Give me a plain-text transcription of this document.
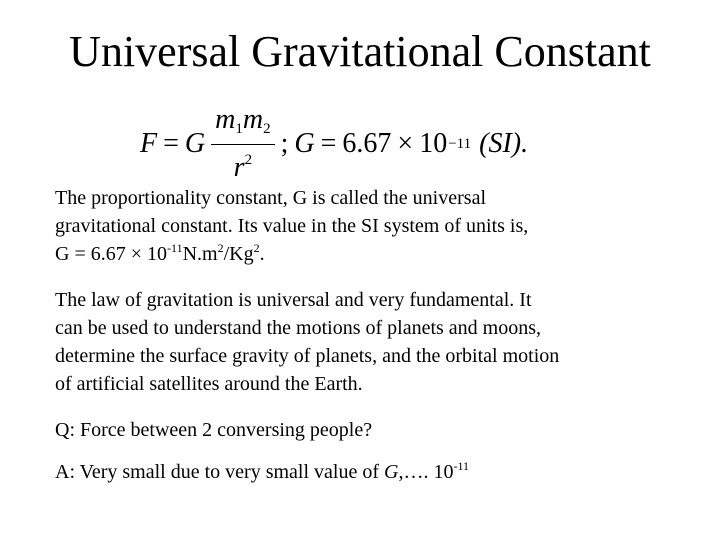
Universal Gravitational Constant
F = G $\frac{m_1m_2}{r^2}$ ; G = 6.67 × 10 −11 (SI).
The proportionality constant, G is called the universal
gravitational constant. Its value in the SI system of units is,
$G = 6.67 \times 10^{-11}N.m^2/Kg^2$.
The law of gravitation is universal and very fundamental. It
can be used to understand the motions of planets and moons,
determine the surface gravity of planets, and the orbital motion
of artificial satellites around the Earth.
Q: Force between 2 conversing people?
A: Very small due to very small value of G,…. $10^{-11}$
